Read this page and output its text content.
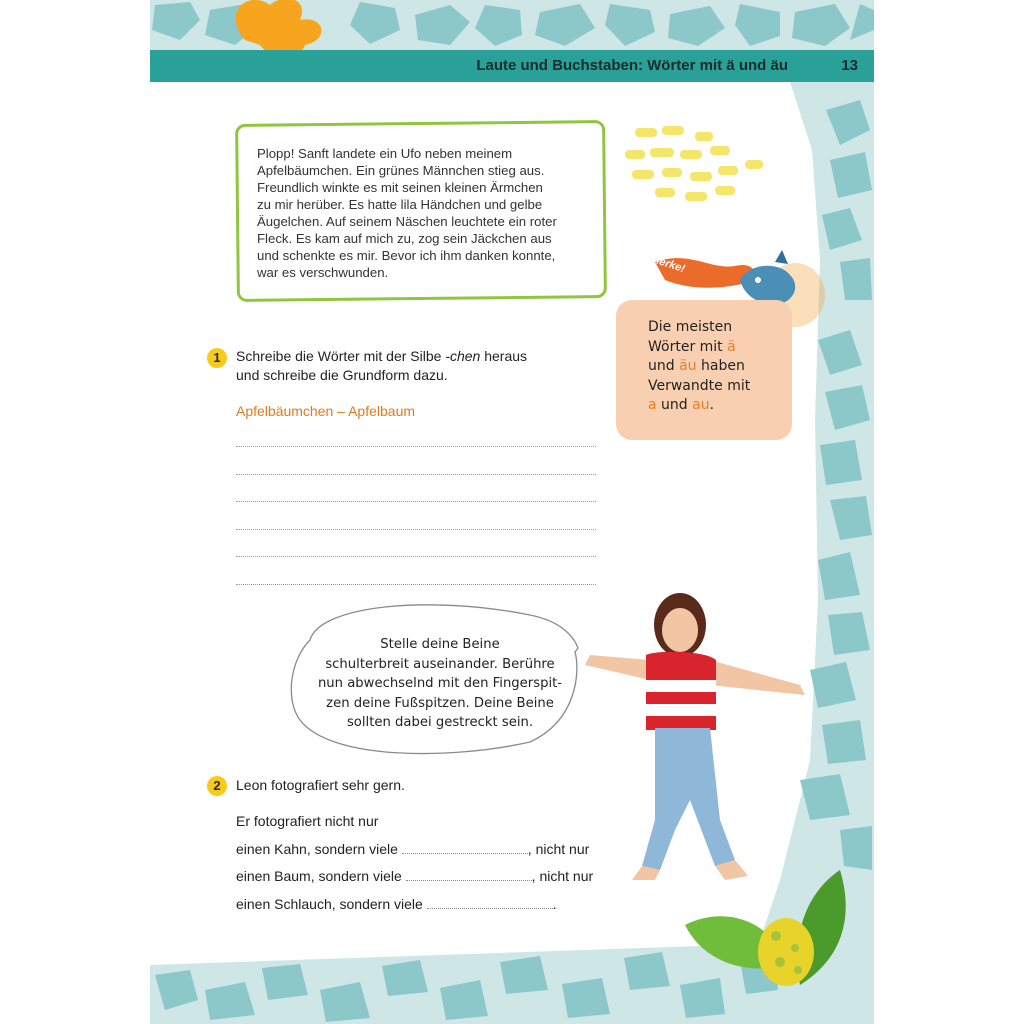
Laute und Buchstaben: Wörter mit ä und äu	13
Plopp! Sanft landete ein Ufo neben meinem
Apfelbäumchen. Ein grünes Männchen stieg aus.
Freundlich winkte es mit seinen kleinen Ärmchen
zu mir herüber. Es hatte lila Händchen und gelbe
Äugelchen. Auf seinem Näschen leuchtete ein roter
Fleck. Es kam auf mich zu, zog sein Jäckchen aus
und schenkte es mir. Bevor ich ihm danken konnte,
war es verschwunden.	Merke!
Die meisten
Wörter mit ä
und äu haben
Verwandte mit
a und au.
1	Schreibe die Wörter mit der Silbe -chen heraus
und schreibe die Grundform dazu.
Apfelbäumchen – Apfelbaum
Stelle deine Beine
schulterbreit auseinander. Berühre
nun abwechselnd mit den Fingerspit-
zen deine Fußspitzen. Deine Beine
sollten dabei gestreckt sein.
2	Leon fotografiert sehr gern.
Er fotografiert nicht nur
einen Kahn, sondern viele	, nicht nur
einen Baum, sondern viele	, nicht nur
einen Schlauch, sondern viele	.
